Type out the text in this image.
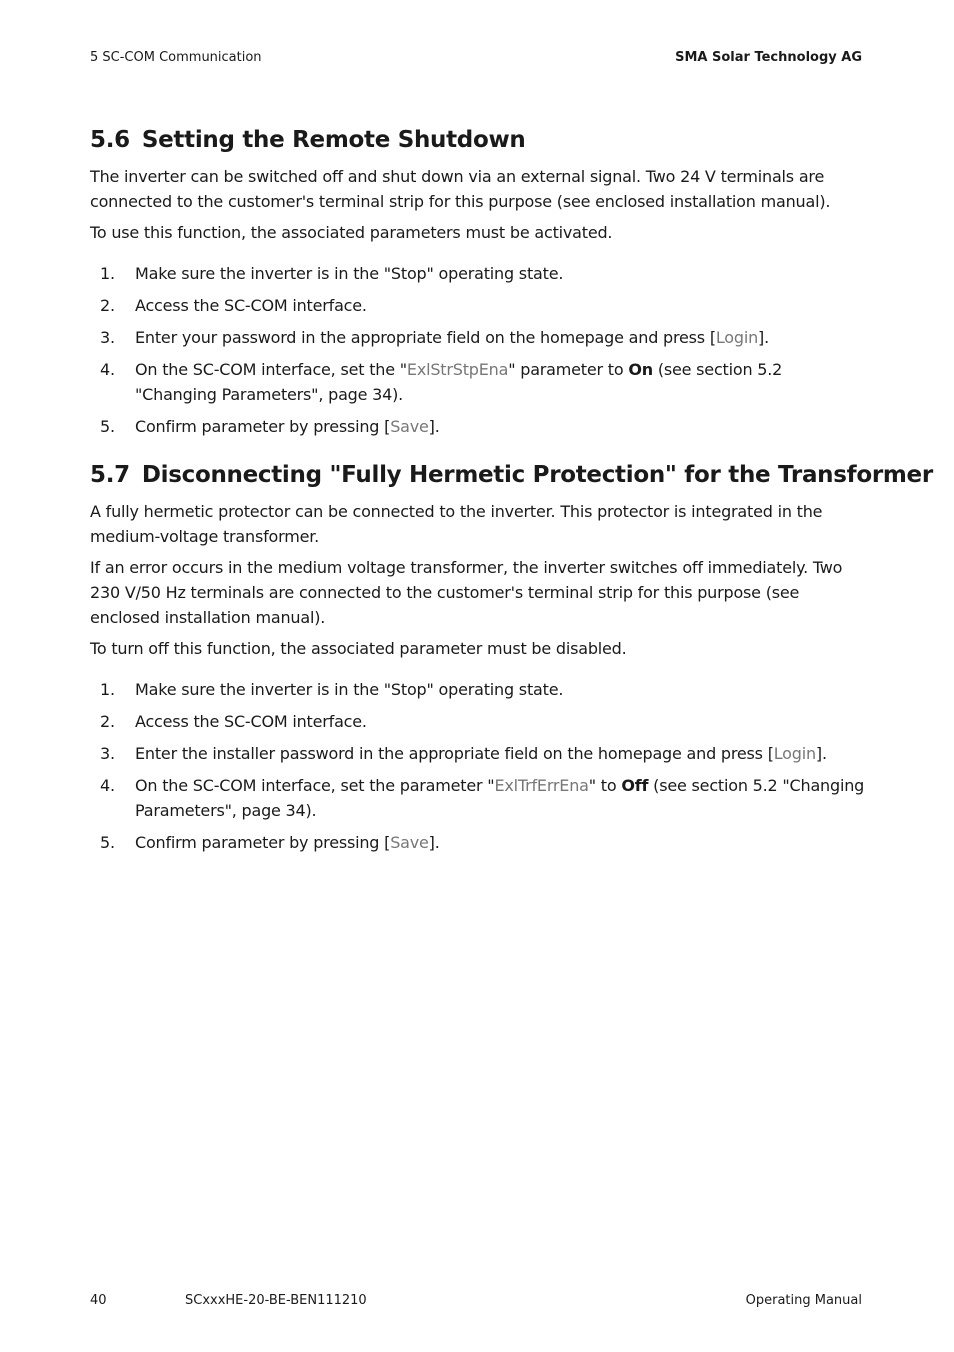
5 SC-COM Communication	SMA Solar Technology AG
5.6 Setting the Remote Shutdown

The inverter can be switched off and shut down via an external signal. Two 24 V terminals are connected to the customer's terminal strip for this purpose (see enclosed installation manual).

To use this function, the associated parameters must be activated.

1. Make sure the inverter is in the "Stop" operating state.
2. Access the SC-COM interface.
3. Enter your password in the appropriate field on the homepage and press [Login].
4. On the SC-COM interface, set the "ExlStrStpEna" parameter to On (see section 5.2 "Changing Parameters", page 34).
5. Confirm parameter by pressing [Save].
5.7 Disconnecting "Fully Hermetic Protection" for the Transformer

A fully hermetic protector can be connected to the inverter. This protector is integrated in the medium-voltage transformer.

If an error occurs in the medium voltage transformer, the inverter switches off immediately. Two 230 V/50 Hz terminals are connected to the customer's terminal strip for this purpose (see enclosed installation manual).

To turn off this function, the associated parameter must be disabled.

1. Make sure the inverter is in the "Stop" operating state.
2. Access the SC-COM interface.
3. Enter the installer password in the appropriate field on the homepage and press [Login].
4. On the SC-COM interface, set the parameter "ExlTrfErrEna" to Off (see section 5.2 "Changing Parameters", page 34).
5. Confirm parameter by pressing [Save].
40	SCxxxHE-20-BE-BEN111210	Operating Manual
